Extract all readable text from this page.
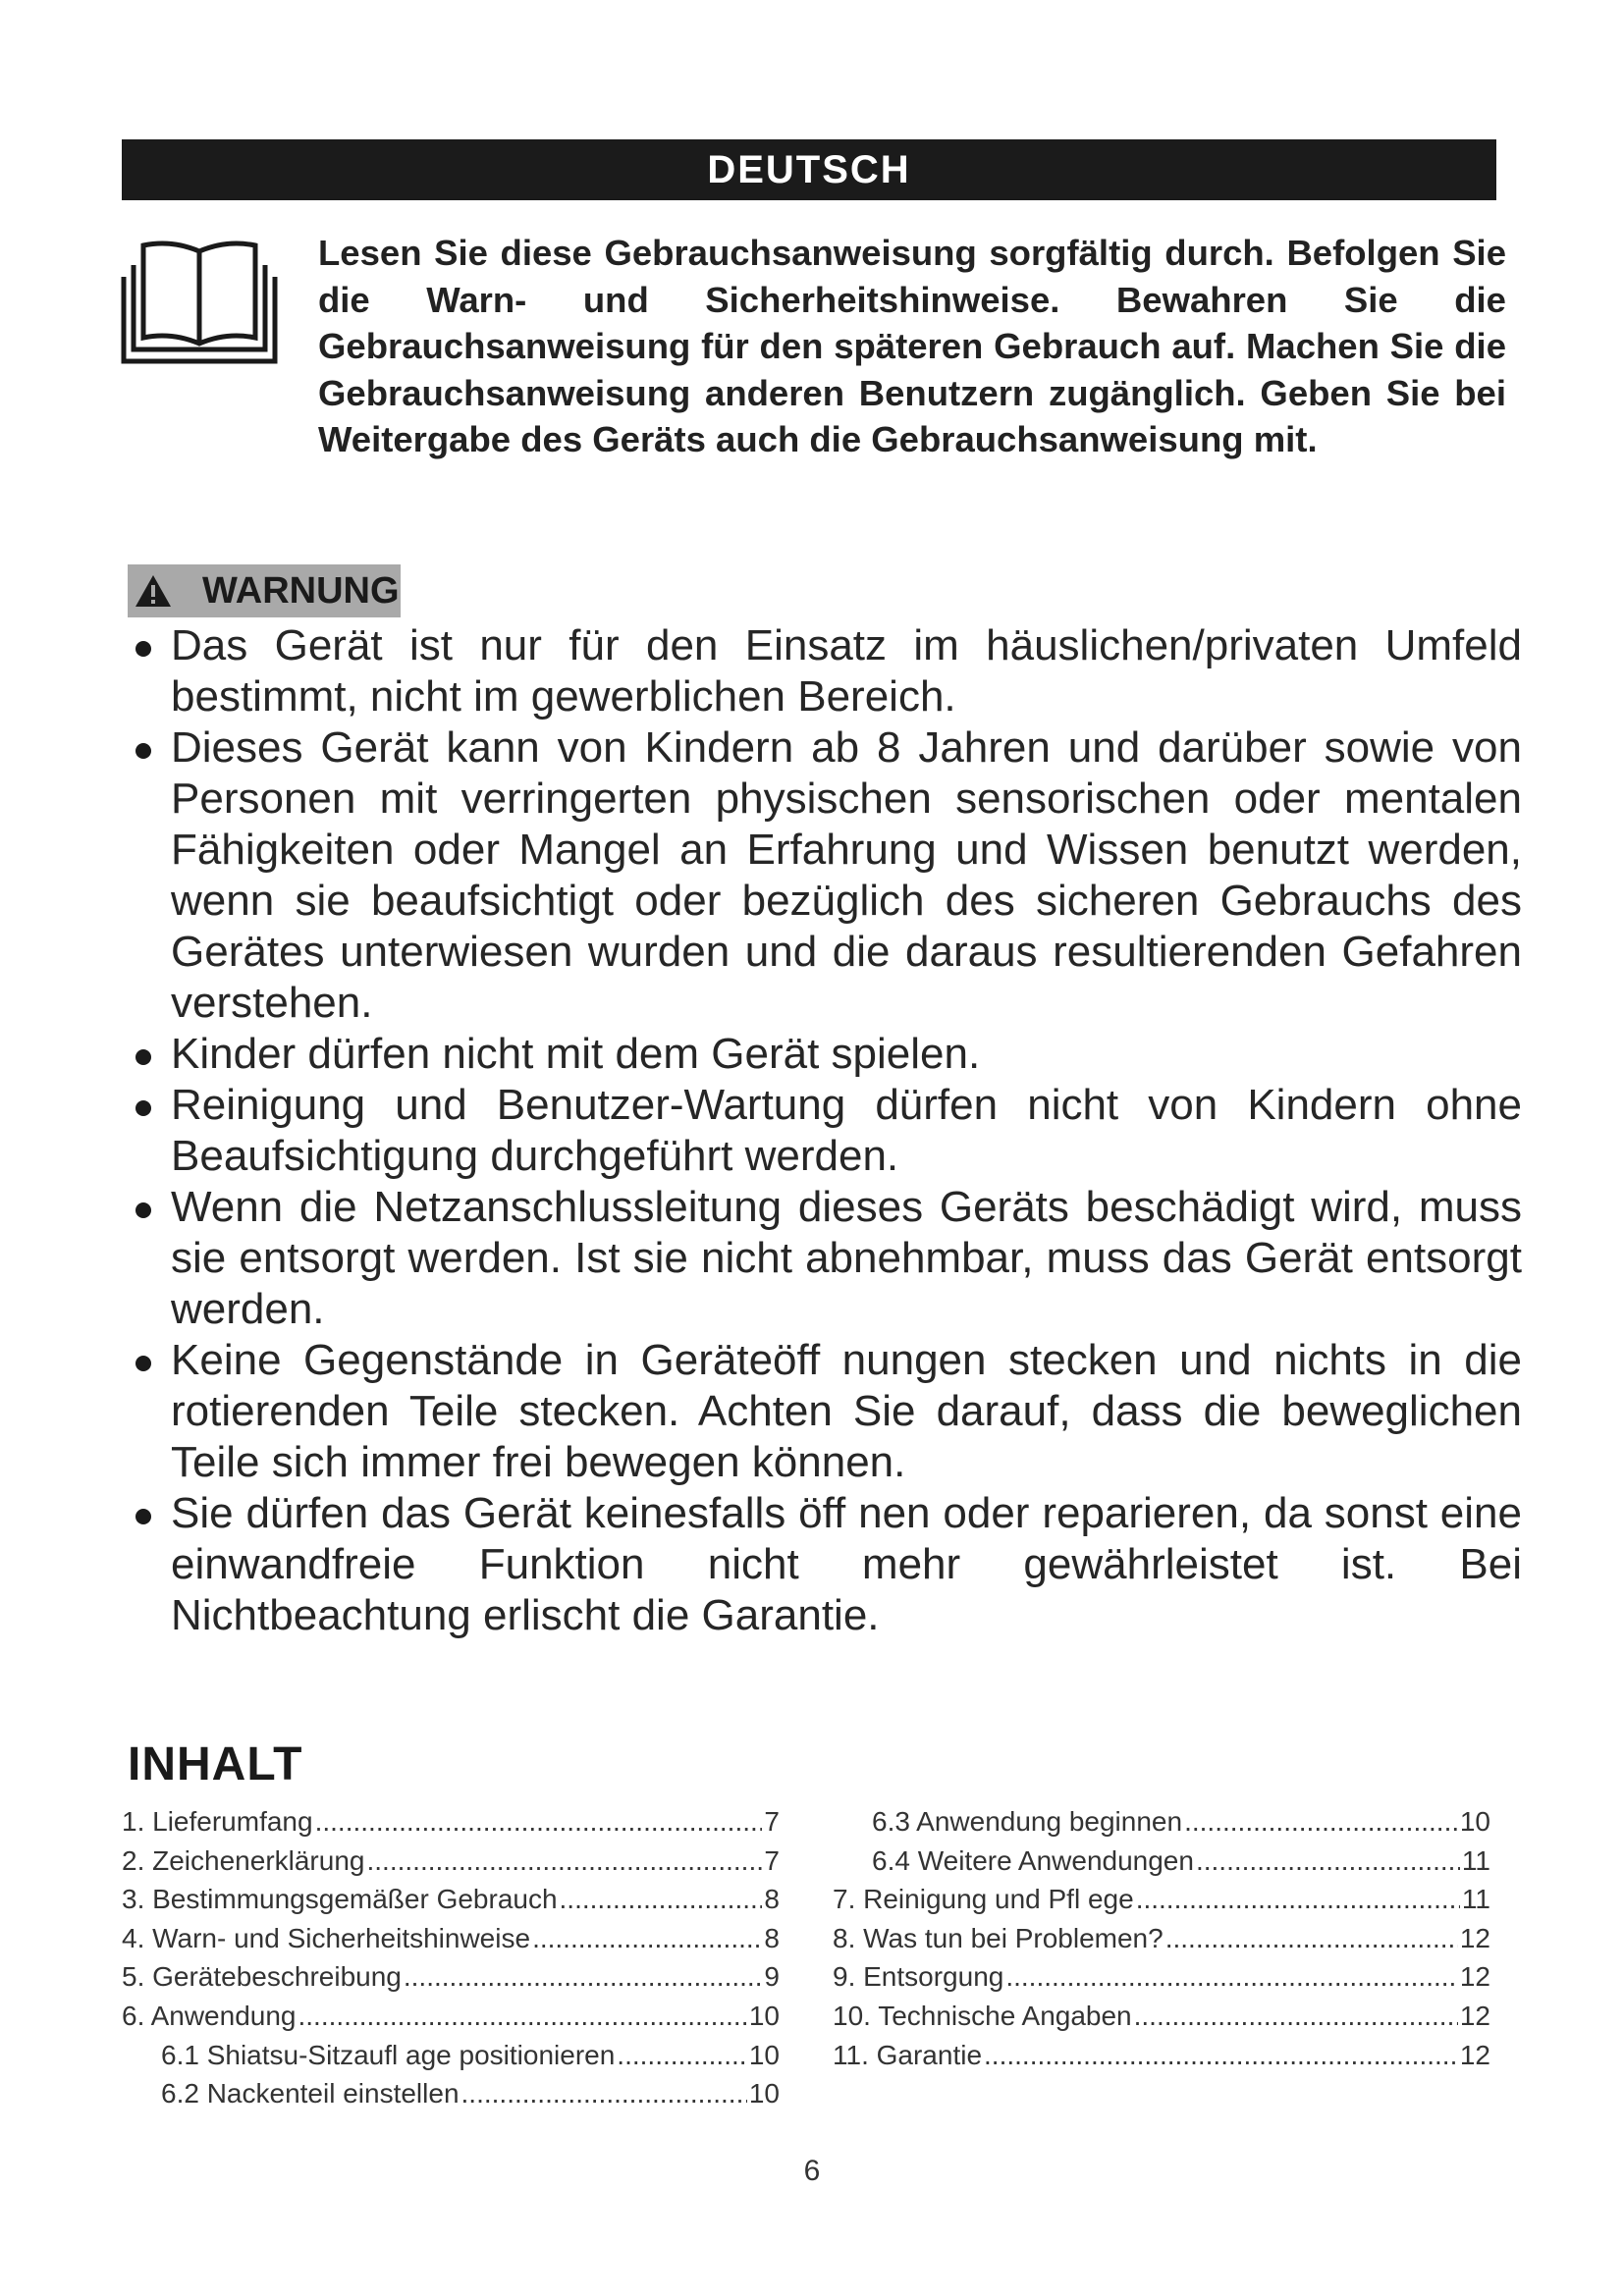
DEUTSCH
Lesen Sie diese Gebrauchsanweisung sorgfältig durch. Befolgen Sie die Warn- und Sicherheitshinweise. Bewahren Sie die Gebrauchsanweisung für den späteren Gebrauch auf. Machen Sie die Gebrauchsanweisung anderen Benutzern zugänglich. Geben Sie bei Weitergabe des Geräts auch die Gebrauchsanweisung mit.
WARNUNG
Das Gerät ist nur für den Einsatz im häuslichen/privaten Umfeld bestimmt, nicht im gewerblichen Bereich.
Dieses Gerät kann von Kindern ab 8 Jahren und darüber sowie von Personen mit verringerten physischen sensorischen oder mentalen Fähigkeiten oder Mangel an Erfahrung und Wissen benutzt werden, wenn sie beaufsichtigt oder bezüglich des sicheren Gebrauchs des Gerätes unterwiesen wurden und die daraus resultierenden Gefahren verstehen.
Kinder dürfen nicht mit dem Gerät spielen.
Reinigung und Benutzer-Wartung dürfen nicht von Kindern ohne Beaufsichtigung durchgeführt werden.
Wenn die Netzanschlussleitung dieses Geräts beschädigt wird, muss sie entsorgt werden. Ist sie nicht abnehmbar, muss das Gerät entsorgt werden.
Keine Gegenstände in Geräteöff nungen stecken und nichts in die rotierenden Teile stecken. Achten Sie darauf, dass die beweglichen Teile sich immer frei bewegen können.
Sie dürfen das Gerät keinesfalls öff nen oder reparieren, da sonst eine einwandfreie Funktion nicht mehr gewährleistet ist. Bei Nichtbeachtung erlischt die Garantie.
INHALT
1. Lieferumfang .....	7
2. Zeichenerklärung .....	7
3. Bestimmungsgemäßer Gebrauch .....	8
4. Warn- und Sicherheitshinweise .....	8
5. Gerätebeschreibung .....	9
6. Anwendung .....	10
6.1 Shiatsu-Sitzaufl age positionieren .....	10
6.2 Nackenteil einstellen .....	10
6.3 Anwendung beginnen .....	10
6.4 Weitere Anwendungen .....	11
7. Reinigung und Pfl ege .....	11
8. Was tun bei Problemen? .....	12
9. Entsorgung .....	12
10. Technische Angaben .....	12
11. Garantie .....	12
6
